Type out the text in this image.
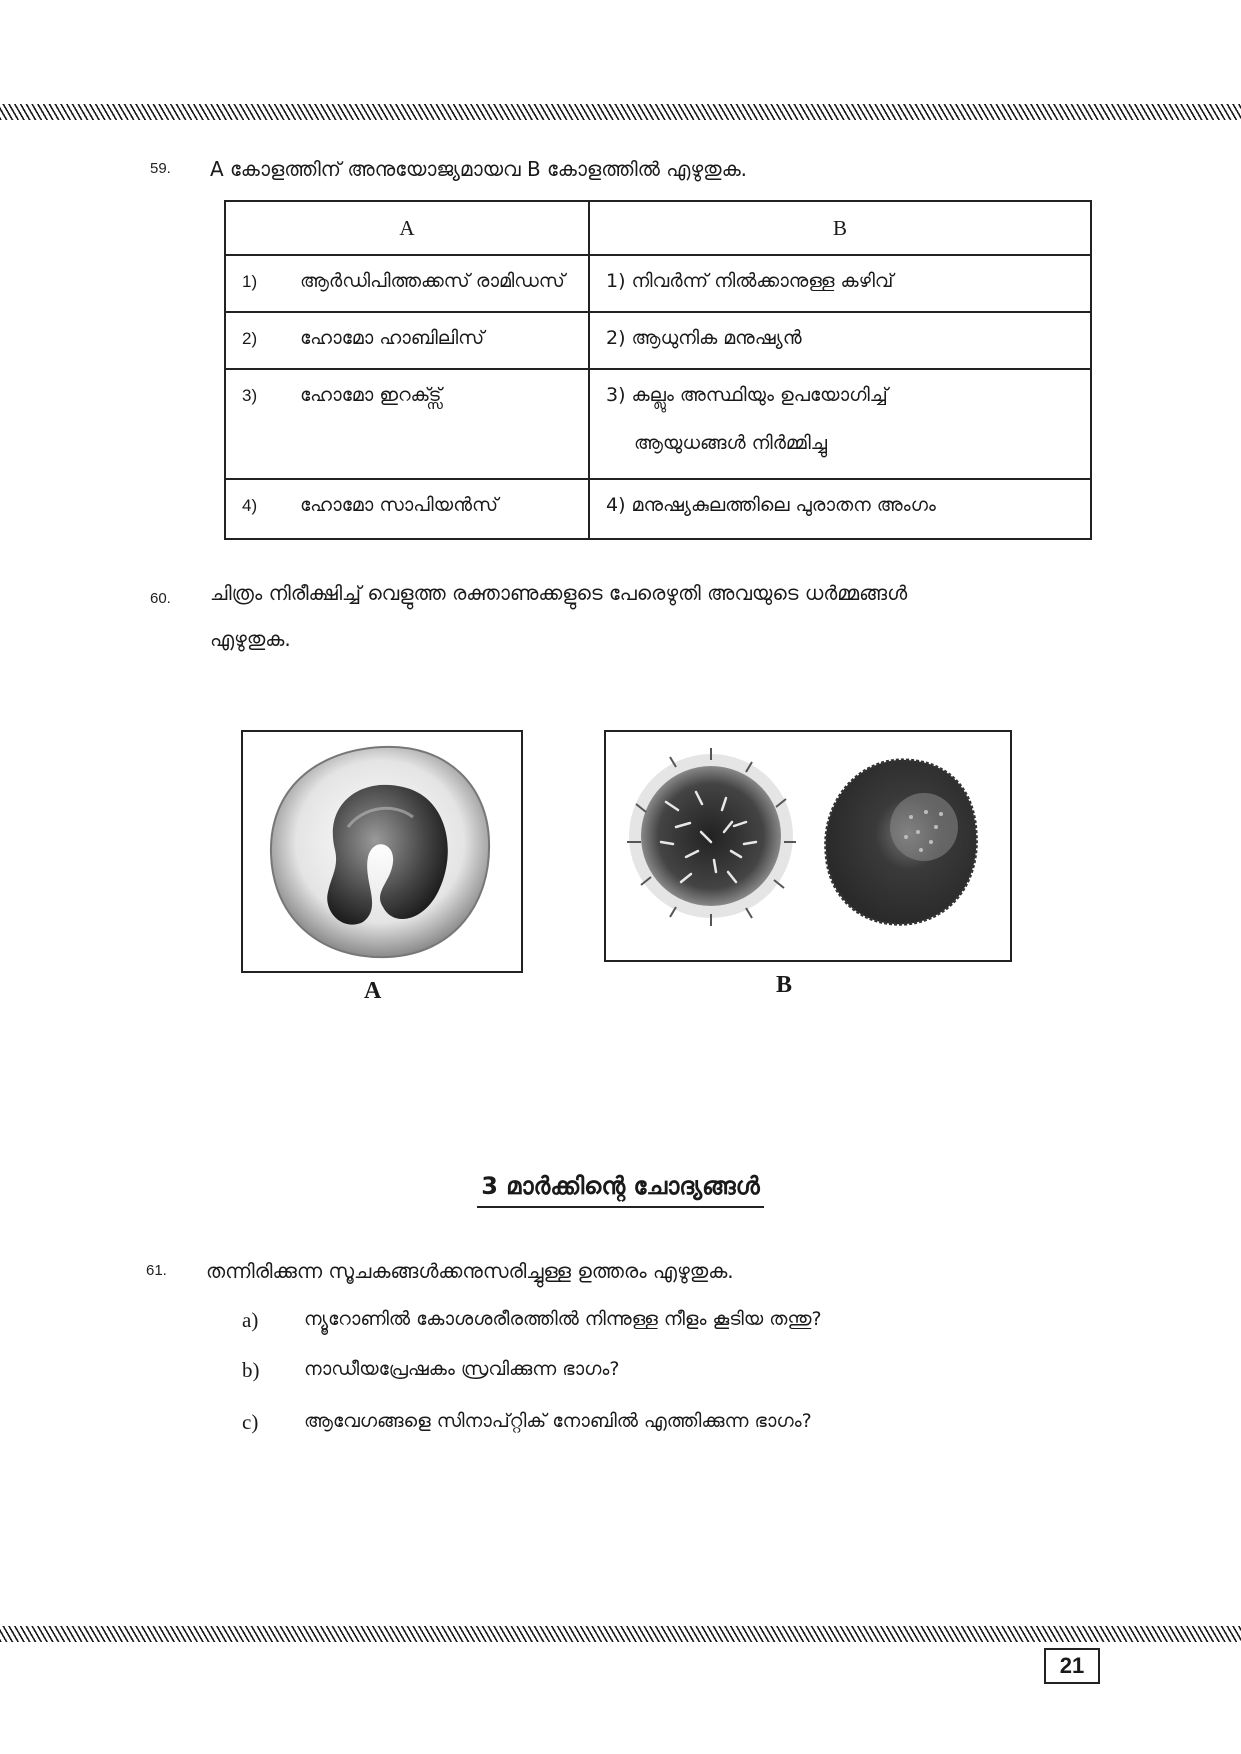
59. A കോളത്തിന് അനുയോജ്യമായവ B കോളത്തിൽ എഴുതുക.
A	B
1) ആർഡിപിത്തക്കസ് രാമിഡസ്	1) നിവർന്ന് നിൽക്കാനുള്ള കഴിവ്
2) ഹോമോ ഹാബിലിസ്	2) ആധുനിക മനുഷ്യൻ
3) ഹോമോ ഇറക്ട്സ്	3) കല്ലും അസ്ഥിയും ഉപയോഗിച്ച്
ആയുധങ്ങൾ നിർമ്മിച്ചു

4) ഹോമോ സാപിയൻസ്	4) മനുഷ്യകുലത്തിലെ പുരാതന അംഗം
60. ചിത്രം നിരീക്ഷിച്ച് വെളുത്ത രക്താണുക്കളുടെ പേരെഴുതി അവയുടെ ധർമ്മങ്ങൾ
എഴുതുക.
A	B
3 മാർക്കിന്റെ ചോദ്യങ്ങൾ
61. തന്നിരിക്കുന്ന സൂചകങ്ങൾക്കനുസരിച്ചുള്ള ഉത്തരം എഴുതുക.
a) ന്യൂറോണിൽ കോശശരീരത്തിൽ നിന്നുള്ള നീളം കൂടിയ തന്തു?
b) നാഡീയപ്രേഷകം സ്രവിക്കുന്ന ഭാഗം?
c) ആവേഗങ്ങളെ സിനാപ്റ്റിക് നോബിൽ എത്തിക്കുന്ന ഭാഗം?
21
